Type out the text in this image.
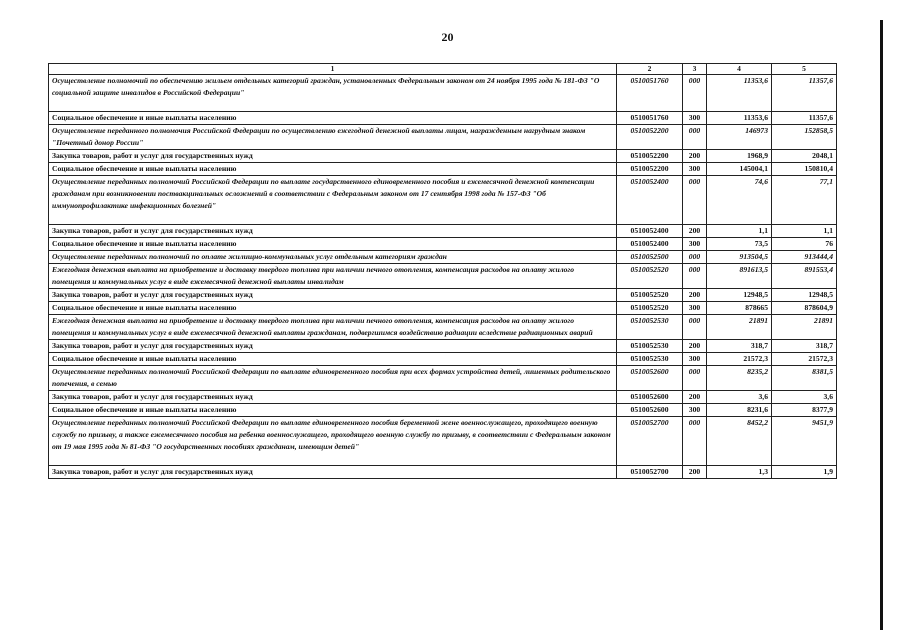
20
1	2	3	4	5
Осуществление полномочий по обеспечению жильем отдельных категорий граждан, установленных Федеральным законом от 24 ноября 1995 года № 181-ФЗ "О социальной защите инвалидов в Российской Федерации"	0510051760	000	11353,6	11357,6
Социальное обеспечение и иные выплаты населению	0510051760	300	11353,6	11357,6
Осуществление переданного полномочия Российской Федерации по осуществлению ежегодной денежной выплаты лицам, награжденным нагрудным знаком "Почетный донор России"	0510052200	000	146973	152858,5
Закупка товаров, работ и услуг для государственных нужд	0510052200	200	1968,9	2048,1
Социальное обеспечение и иные выплаты населению	0510052200	300	145004,1	150810,4
Осуществление переданных полномочий Российской Федерации по выплате государственного единовременного пособия и ежемесячной денежной компенсации гражданам при возникновении поствакцинальных осложнений в соответствии с Федеральным законом от 17 сентября 1998 года № 157-ФЗ "Об иммунопрофилактике инфекционных болезней"	0510052400	000	74,6	77,1
Закупка товаров, работ и услуг для государственных нужд	0510052400	200	1,1	1,1
Социальное обеспечение и иные выплаты населению	0510052400	300	73,5	76
Осуществление переданных полномочий по оплате жилищно-коммунальных услуг отдельным категориям граждан	0510052500	000	913504,5	913444,4
Ежегодная денежная выплата на приобретение и доставку твердого топлива при наличии печного отопления, компенсация расходов на оплату жилого помещения и коммунальных услуг в виде ежемесячной денежной выплаты инвалидам	0510052520	000	891613,5	891553,4
Закупка товаров, работ и услуг для государственных нужд	0510052520	200	12948,5	12948,5
Социальное обеспечение и иные выплаты населению	0510052520	300	878665	878604,9
Ежегодная денежная выплата на приобретение и доставку твердого топлива при наличии печного отопления, компенсация расходов на оплату жилого помещения и коммунальных услуг в виде ежемесячной денежной выплаты гражданам, подвергшимся воздействию радиации вследствие радиационных аварий	0510052530	000	21891	21891
Закупка товаров, работ и услуг для государственных нужд	0510052530	200	318,7	318,7
Социальное обеспечение и иные выплаты населению	0510052530	300	21572,3	21572,3
Осуществление переданных полномочий Российской Федерации по выплате единовременного пособия при всех формах устройства детей, лишенных родительского попечения, в семью	0510052600	000	8235,2	8381,5
Закупка товаров, работ и услуг для государственных нужд	0510052600	200	3,6	3,6
Социальное обеспечение и иные выплаты населению	0510052600	300	8231,6	8377,9
Осуществление переданных полномочий Российской Федерации по выплате единовременного пособия беременной жене военнослужащего, проходящего военную службу по призыву, а также ежемесячного пособия на ребенка военнослужащего, проходящего военную службу по призыву, в соответствии с Федеральным законом от 19 мая 1995 года № 81-ФЗ "О государственных пособиях гражданам, имеющим детей"	0510052700	000	8452,2	9451,9
Закупка товаров, работ и услуг для государственных нужд	0510052700	200	1,3	1,9
